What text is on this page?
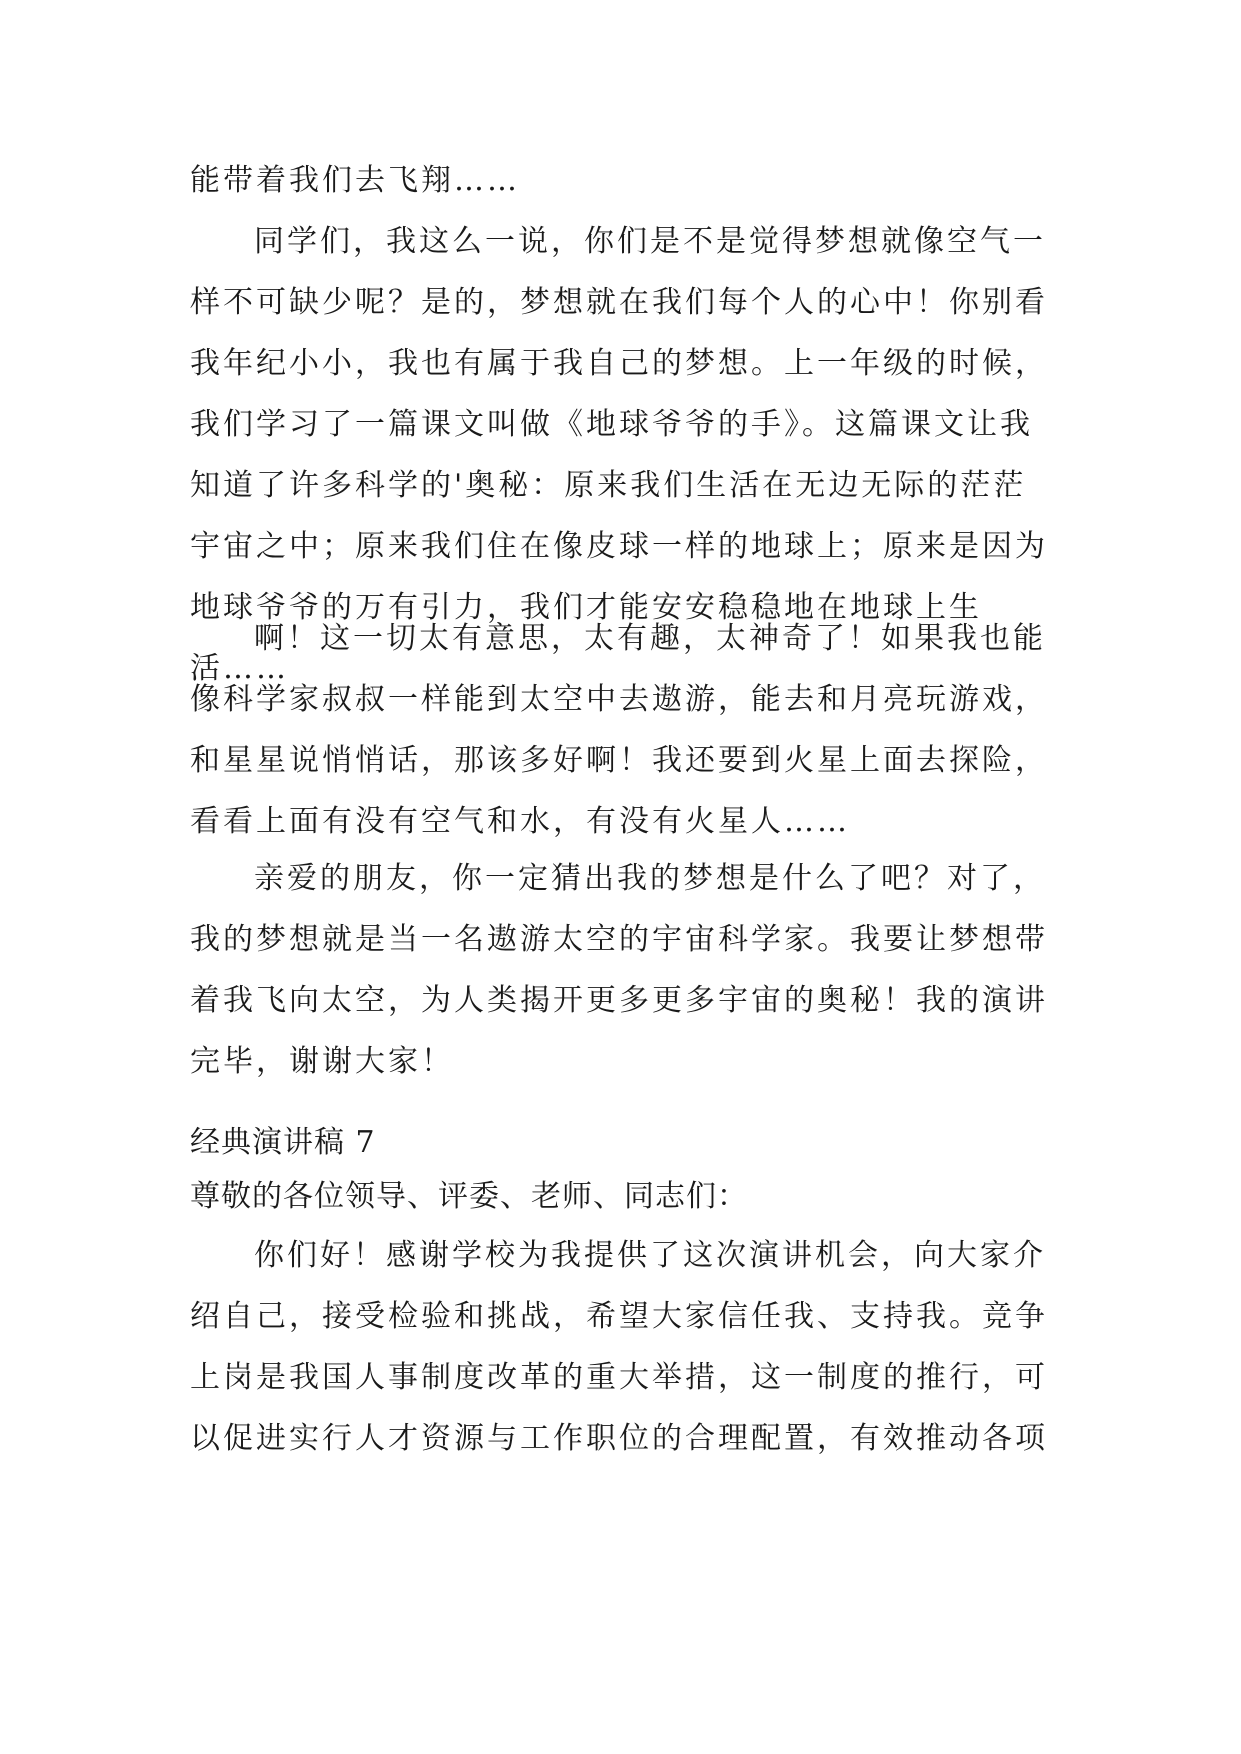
能带着我们去飞翔……
同学们，我这么一说，你们是不是觉得梦想就像空气一
样不可缺少呢？是的，梦想就在我们每个人的心中！你别看
我年纪小小，我也有属于我自己的梦想。上一年级的时候，
我们学习了一篇课文叫做《地球爷爷的手》。这篇课文让我
知道了许多科学的'奥秘：原来我们生活在无边无际的茫茫
宇宙之中；原来我们住在像皮球一样的地球上；原来是因为
地球爷爷的万有引力，我们才能安安稳稳地在地球上生
活……
啊！这一切太有意思，太有趣，太神奇了！如果我也能
像科学家叔叔一样能到太空中去遨游，能去和月亮玩游戏，
和星星说悄悄话，那该多好啊！我还要到火星上面去探险，
看看上面有没有空气和水，有没有火星人……
亲爱的朋友，你一定猜出我的梦想是什么了吧？对了，
我的梦想就是当一名遨游太空的宇宙科学家。我要让梦想带
着我飞向太空，为人类揭开更多更多宇宙的奥秘！我的演讲
完毕，谢谢大家！
经典演讲稿 7
尊敬的各位领导、评委、老师、同志们：
你们好！感谢学校为我提供了这次演讲机会，向大家介
绍自己，接受检验和挑战，希望大家信任我、支持我。竞争
上岗是我国人事制度改革的重大举措，这一制度的推行，可
以促进实行人才资源与工作职位的合理配置，有效推动各项
